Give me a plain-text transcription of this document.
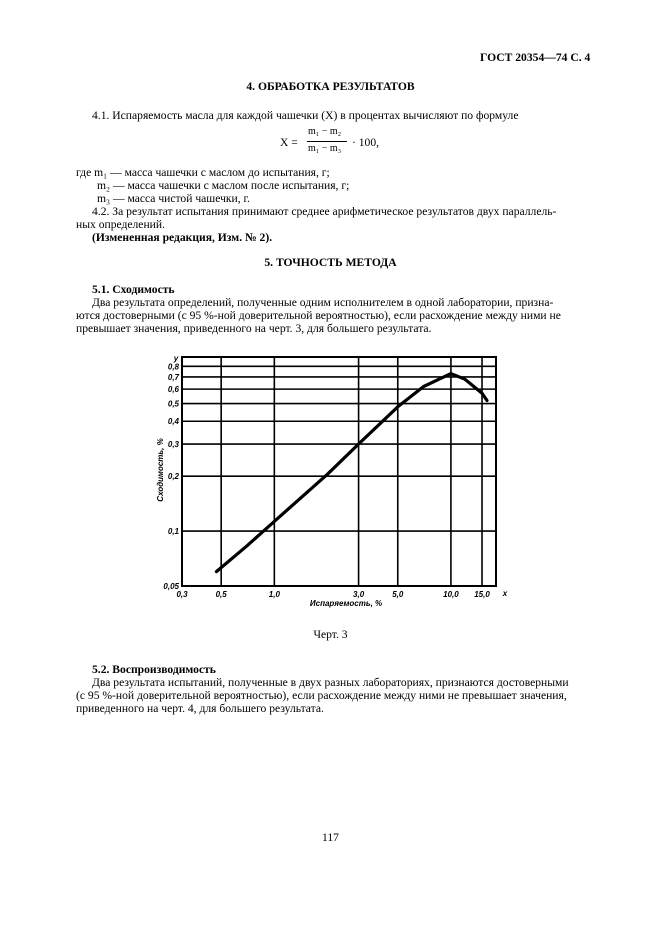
ГОСТ 20354—74 С. 4
4. ОБРАБОТКА РЕЗУЛЬТАТОВ
4.1. Испаряемость масла для каждой чашечки (X) в процентах вычисляют по формуле
X =
m₁ − m₂
m₁ − m₃ · 100,
где m₁ — масса чашечки с маслом до испытания, г;
m₂ — масса чашечки с маслом после испытания, г;
m₃ — масса чистой чашечки, г.
4.2. За результат испытания принимают среднее арифметическое результатов двух параллель-
ных определений.
(Измененная редакция, Изм. № 2).
5. ТОЧНОСТЬ МЕТОДА
5.1. Сходимость
Два результата определений, полученные одним исполнителем в одной лаборатории, призна-
ются достоверными (с 95 %-ной доверительной вероятностью), если расхождение между ними не
превышает значения, приведенного на черт. 3, для большего результата.
0,3	0,5	1,0	3,0	5,0	10,0 15,0
0,05
0,1
0,2
0,3
0,4
0,5
0,6
0,7
0,8
Испаряемость, %
Сходимость, %
x
y
Черт. 3
5.2. Воспроизводимость
Два результата испытаний, полученные в двух разных лабораториях, признаются достоверными
(с 95 %-ной доверительной вероятностью), если расхождение между ними не превышает значения,
приведенного на черт. 4, для большего результата.
117
